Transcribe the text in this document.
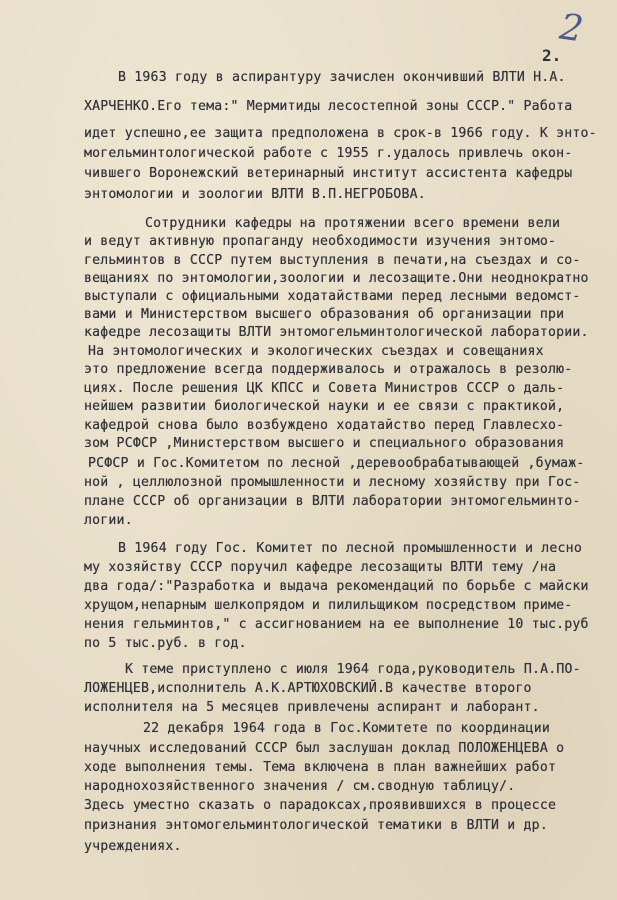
2
2.
В 1963 году в аспирантуру зачислен окончивший ВЛТИ Н.А.
ХАРЧЕНКО.Его тема:" Мермитиды лесостепной зоны СССР." Работа
идет успешно,ее защита предположена в срок-в 1966 году. К энто-
могельминтологической работе с 1955 г.удалось привлечь окон-
чившего Воронежский ветеринарный институт ассистента кафедры
энтомологии и зоологии ВЛТИ В.П.НЕГРОБОВА.
Сотрудники кафедры на протяжении всего времени вели
и ведут активную пропаганду необходимости изучения энтомо-
гельминтов в СССР путем выступления в печати,на съездах и со-
вещаниях по энтомологии,зоологии и лесозащите.Они неоднократно
выступали с официальными ходатайствами перед лесными ведомст-
вами и Министерством высшего образования об организации при
кафедре лесозащиты ВЛТИ энтомогельминтологической лаборатории.
На энтомологических и экологических съездах и совещаниях
это предложение всегда поддерживалось и отражалось в резолю-
циях. После решения ЦК КПСС и Совета Министров СССР о даль-
нейшем развитии биологической науки и ее связи с практикой,
кафедрой снова было возбуждено ходатайство перед Главлесхо-
зом РСФСР ,Министерством высшего и специального образования
РСФСР и Гос.Комитетом по лесной ,деревообрабатывающей ,бумаж-
ной , целлюлозной промышленности и лесному хозяйству при Гос-
плане СССР об организации в ВЛТИ лаборатории энтомогельминто-
логии.
В 1964 году Гос. Комитет по лесной промышленности и лесно
му хозяйству СССР поручил кафедре лесозащиты ВЛТИ тему /на
два года/:"Разработка и выдача рекомендаций по борьбе с майски
хрущом,непарным шелкопрядом и пилильщиком посредством приме-
нения гельминтов," с ассигнованием на ее выполнение 10 тыс.руб
по 5 тыс.руб. в год.
К теме приступлено с июля 1964 года,руководитель П.А.ПО-
ЛОЖЕНЦЕВ,исполнитель А.К.АРТЮХОВСКИЙ.В качестве второго
исполнителя на 5 месяцев привлечены аспирант и лаборант.
22 декабря 1964 года в Гос.Комитете по координации
научных исследований СССР был заслушан доклад ПОЛОЖЕНЦЕВА о
ходе выполнения темы. Тема включена в план важнейших работ
народнохозяйственного значения / см.сводную таблицу/.
Здесь уместно сказать о парадоксах,проявившихся в процессе
признания энтомогельминтологической тематики в ВЛТИ и др.
учреждениях.
